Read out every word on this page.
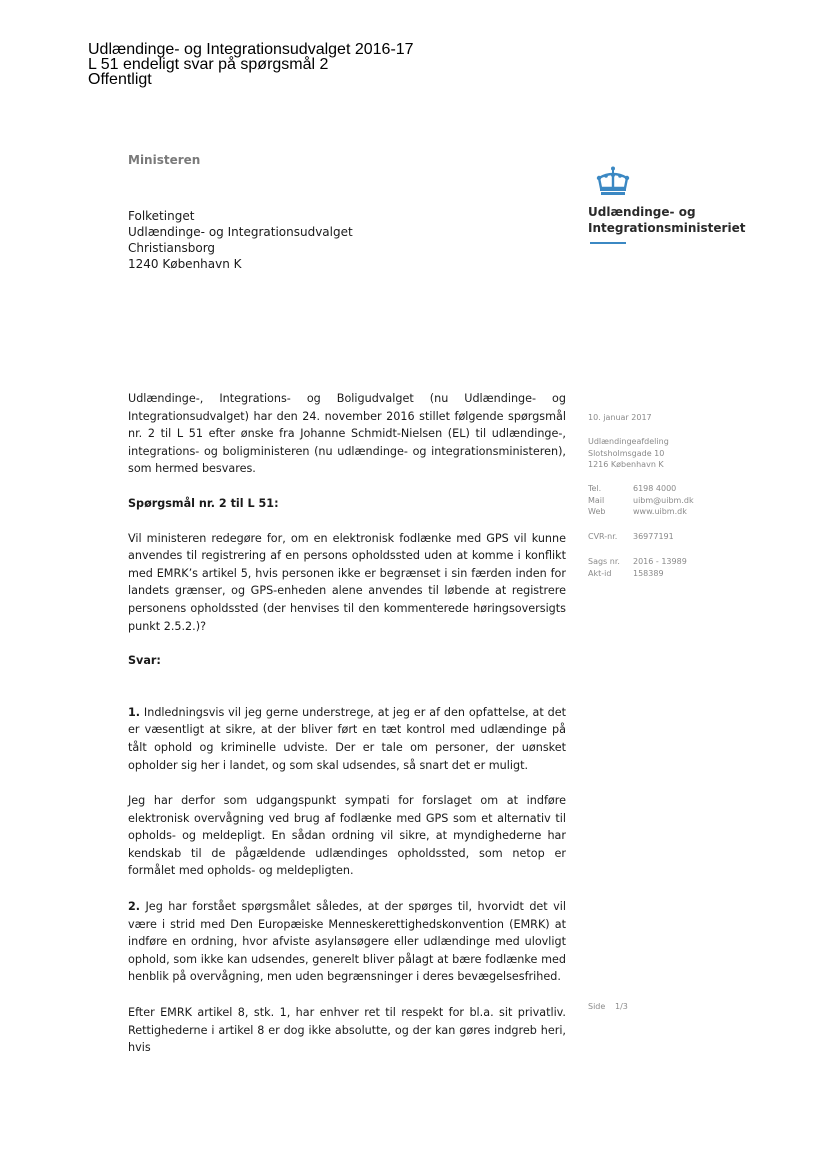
Udlændinge- og Integrationsudvalget 2016-17
L 51 endeligt svar på spørgsmål 2
Offentligt
Ministeren
Folketinget
Udlændinge- og Integrationsudvalget
Christiansborg
1240 København K
Udlændinge- og
Integrationsministeriet

Udlændinge-, Integrations- og Boligudvalget (nu Udlændinge- og Integrationsudvalget) har den 24. november 2016 stillet følgende spørgsmål nr. 2 til L 51 efter ønske fra Johanne Schmidt-Nielsen (EL) til udlændinge-, integrations- og boligministeren (nu udlændinge- og integrationsministeren), som hermed besvares.

Spørgsmål nr. 2 til L 51:

Vil ministeren redegøre for, om en elektronisk fodlænke med GPS vil kunne anvendes til registrering af en persons opholdssted uden at komme i konflikt med EMRK’s artikel 5, hvis personen ikke er begrænset i sin færden inden for landets grænser, og GPS-enheden alene anvendes til løbende at registrere personens opholdssted (der henvises til den kommenterede høringsoversigts punkt 2.5.2.)?

Svar:

1. Indledningsvis vil jeg gerne understrege, at jeg er af den opfattelse, at det er væsentligt at sikre, at der bliver ført en tæt kontrol med udlændinge på tålt ophold og kriminelle udviste. Der er tale om personer, der uønsket opholder sig her i landet, og som skal udsendes, så snart det er muligt.

Jeg har derfor som udgangspunkt sympati for forslaget om at indføre elektronisk overvågning ved brug af fodlænke med GPS som et alternativ til opholds- og meldepligt. En sådan ordning vil sikre, at myndighederne har kendskab til de pågældende udlændinges opholdssted, som netop er formålet med opholds- og meldepligten.

2. Jeg har forstået spørgsmålet således, at der spørges til, hvorvidt det vil være i strid med Den Europæiske Menneskerettighedskonvention (EMRK) at indføre en ordning, hvor afviste asylansøgere eller udlændinge med ulovligt ophold, som ikke kan udsendes, generelt bliver pålagt at bære fodlænke med henblik på overvågning, men uden begrænsninger i deres bevægelsesfrihed.

Efter EMRK artikel 8, stk. 1, har enhver ret til respekt for bl.a. sit privatliv. Rettighederne i artikel 8 er dog ikke absolutte, og der kan gøres indgreb heri, hvis

10. januar 2017
Udlændingeafdeling
Slotsholmsgade 10
1216 København K
Tel.	6198 4000
Mail	uibm@uibm.dk
Web	www.uibm.dk
CVR-nr.	36977191
Sags nr.	2016 - 13989
Akt-id	158389
Side	1/3
